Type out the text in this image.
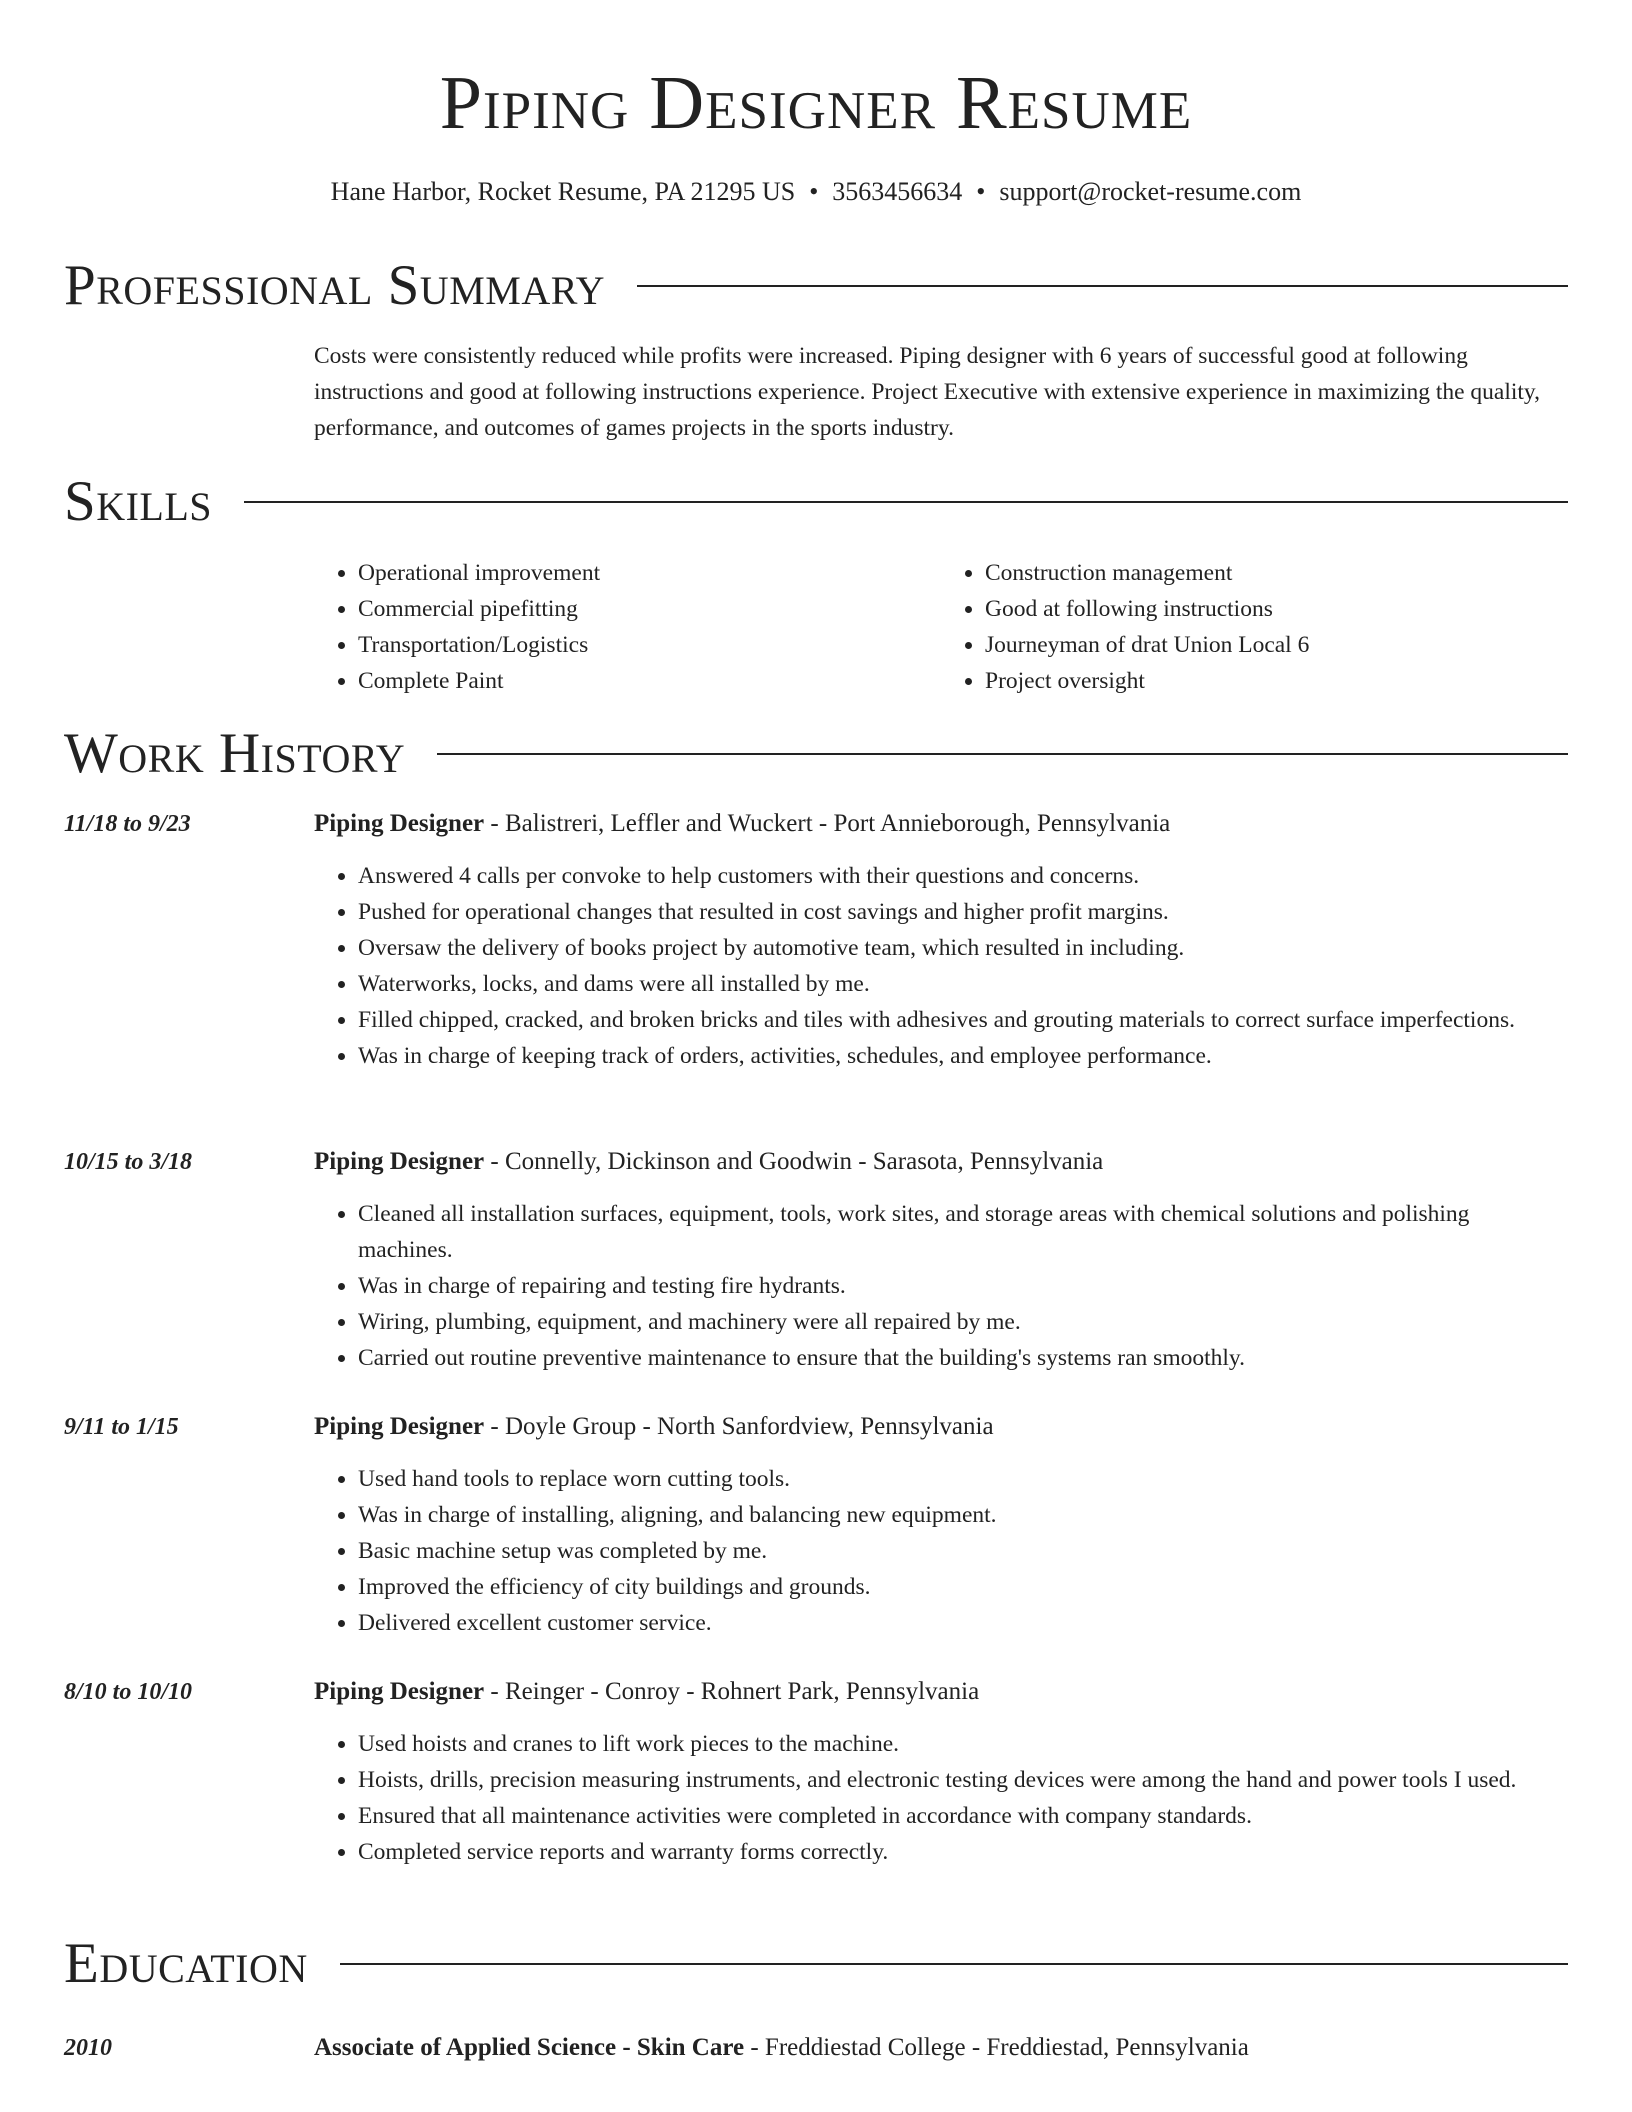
Piping Designer Resume
Hane Harbor, Rocket Resume, PA 21295 US • 3563456634 • support@rocket-resume.com
Professional Summary
Costs were consistently reduced while profits were increased. Piping designer with 6 years of successful good at following instructions and good at following instructions experience. Project Executive with extensive experience in maximizing the quality, performance, and outcomes of games projects in the sports industry.
Skills
• Operational improvement
• Commercial pipefitting
• Transportation/Logistics
• Complete Paint
• Construction management
• Good at following instructions
• Journeyman of drat Union Local 6
• Project oversight
Work History
11/18 to 9/23	Piping Designer - Balistreri, Leffler and Wuckert - Port Annieborough, Pennsylvania
• Answered 4 calls per convoke to help customers with their questions and concerns.
• Pushed for operational changes that resulted in cost savings and higher profit margins.
• Oversaw the delivery of books project by automotive team, which resulted in including.
• Waterworks, locks, and dams were all installed by me.
• Filled chipped, cracked, and broken bricks and tiles with adhesives and grouting materials to correct surface imperfections.
• Was in charge of keeping track of orders, activities, schedules, and employee performance.
10/15 to 3/18	Piping Designer - Connelly, Dickinson and Goodwin - Sarasota, Pennsylvania
• Cleaned all installation surfaces, equipment, tools, work sites, and storage areas with chemical solutions and polishing machines.
• Was in charge of repairing and testing fire hydrants.
• Wiring, plumbing, equipment, and machinery were all repaired by me.
• Carried out routine preventive maintenance to ensure that the building's systems ran smoothly.
9/11 to 1/15	Piping Designer - Doyle Group - North Sanfordview, Pennsylvania
• Used hand tools to replace worn cutting tools.
• Was in charge of installing, aligning, and balancing new equipment.
• Basic machine setup was completed by me.
• Improved the efficiency of city buildings and grounds.
• Delivered excellent customer service.
8/10 to 10/10	Piping Designer - Reinger - Conroy - Rohnert Park, Pennsylvania
• Used hoists and cranes to lift work pieces to the machine.
• Hoists, drills, precision measuring instruments, and electronic testing devices were among the hand and power tools I used.
• Ensured that all maintenance activities were completed in accordance with company standards.
• Completed service reports and warranty forms correctly.
Education
2010	Associate of Applied Science - Skin Care - Freddiestad College - Freddiestad, Pennsylvania
